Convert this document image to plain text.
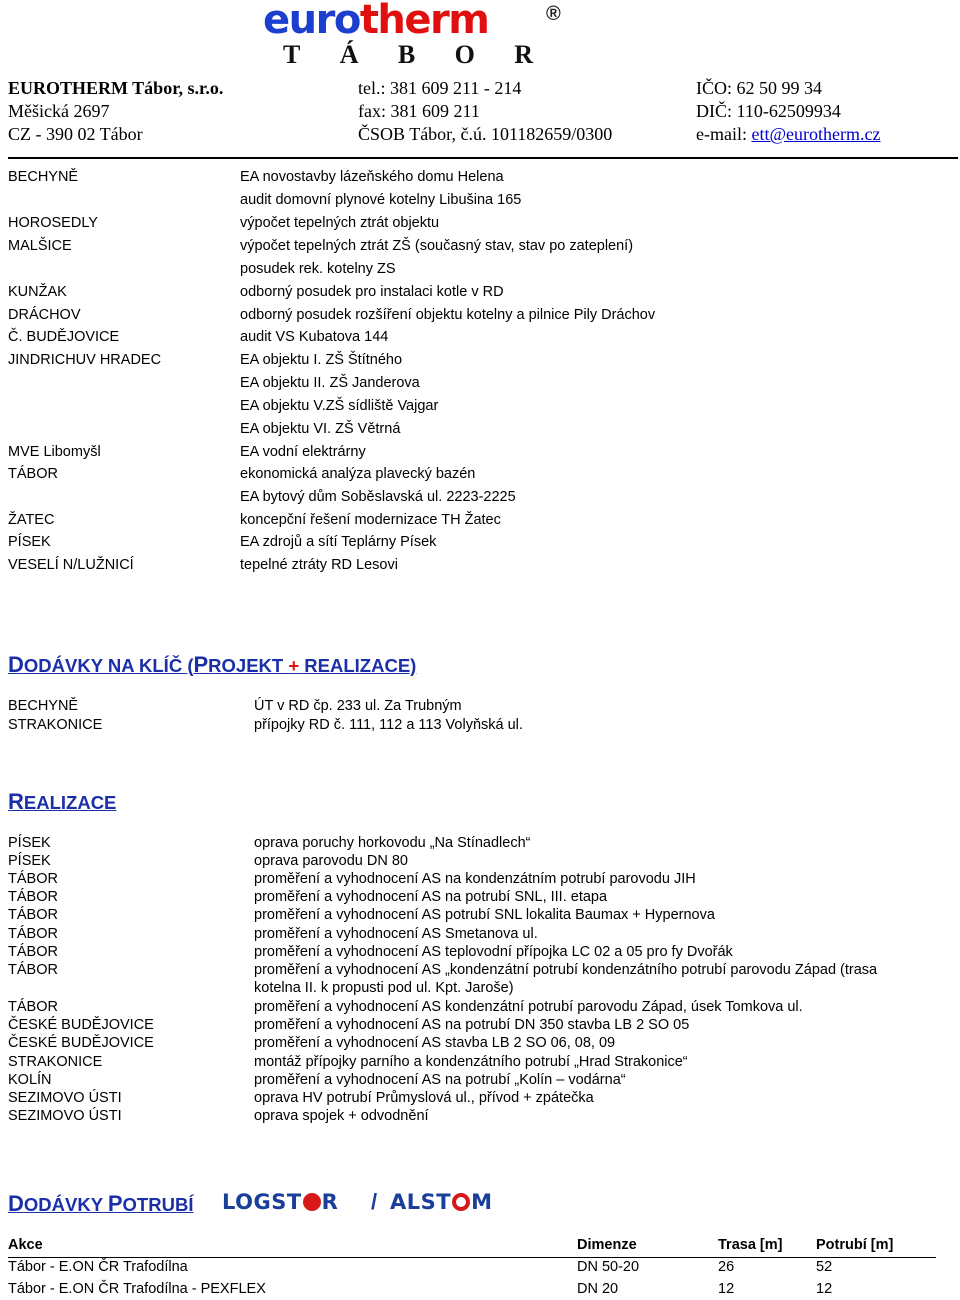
eurotherm	®
T Á B O R
EUROTHERM Tábor, s.r.o.
Měšická 2697
CZ - 390 02 Tábor
tel.: 381 609 211 - 214
fax: 381 609 211
ČSOB Tábor, č.ú. 101182659/0300
IČO: 62 50 99 34
DIČ: 110-62509934
e-mail: ett@eurotherm.cz
BECHYNĚ	EA novostavby lázeňského domu Helena
audit domovní plynové kotelny Libušina 165
HOROSEDLY	výpočet tepelných ztrát objektu
MALŠICE	výpočet tepelných ztrát ZŠ (současný stav, stav po zateplení)
posudek rek. kotelny ZS
KUNŽAK	odborný posudek pro instalaci kotle v RD
DRÁCHOV	odborný posudek rozšíření objektu kotelny a pilnice Pily Dráchov
Č. BUDĚJOVICE	audit VS Kubatova 144
JINDRICHUV HRADEC	EA objektu I. ZŠ Štítného
EA objektu II. ZŠ Janderova
EA objektu V.ZŠ sídliště Vajgar
EA objektu VI. ZŠ Větrná
MVE Libomyšl	EA vodní elektrárny
TÁBOR	ekonomická analýza plavecký bazén
EA bytový dům Soběslavská ul. 2223-2225
ŽATEC	koncepční řešení modernizace TH Žatec
PÍSEK	EA zdrojů a sítí Teplárny Písek
VESELÍ N/LUŽNICÍ	tepelné ztráty RD Lesovi
DODÁVKY NA KLÍČ (PROJEKT + REALIZACE)
BECHYNĚ	ÚT v RD čp. 233 ul. Za Trubným
STRAKONICE	přípojky RD č. 111, 112 a 113 Volyňská ul.
REALIZACE
PÍSEK	oprava poruchy horkovodu „Na Stínadlech“
PÍSEK	oprava parovodu DN 80
TÁBOR	proměření a vyhodnocení AS na kondenzátním potrubí parovodu JIH
TÁBOR	proměření a vyhodnocení AS na potrubí SNL, III. etapa
TÁBOR	proměření a vyhodnocení AS potrubí SNL lokalita Baumax + Hypernova
TÁBOR	proměření a vyhodnocení AS Smetanova ul.
TÁBOR	proměření a vyhodnocení AS teplovodní přípojka LC 02 a 05 pro fy Dvořák
TÁBOR	proměření a vyhodnocení AS „kondenzátní potrubí kondenzátního potrubí parovodu Západ (trasa
kotelna II. k propusti pod ul. Kpt. Jaroše)
TÁBOR	proměření a vyhodnocení AS kondenzátní potrubí parovodu Západ, úsek Tomkova ul.
ČESKÉ BUDĚJOVICE	proměření a vyhodnocení AS na potrubí DN 350 stavba LB 2 SO 05
ČESKÉ BUDĚJOVICE	proměření a vyhodnocení AS stavba LB 2 SO 06, 08, 09
STRAKONICE	montáž přípojky parního a kondenzátního potrubí „Hrad Strakonice“
KOLÍN	proměření a vyhodnocení AS na potrubí „Kolín – vodárna“
SEZIMOVO ÚSTI	oprava HV potrubí Průmyslová ul., přívod + zpátečka
SEZIMOVO ÚSTI	oprava spojek + odvodnění
DODÁVKY POTRUBÍ LOGST R / ALST M
Akce	Dimenze	Trasa [m] Potrubí [m]
Tábor - E.ON ČR Trafodílna	DN 50-20	26	52
Tábor - E.ON ČR Trafodílna - PEXFLEX	DN 20	12	12
